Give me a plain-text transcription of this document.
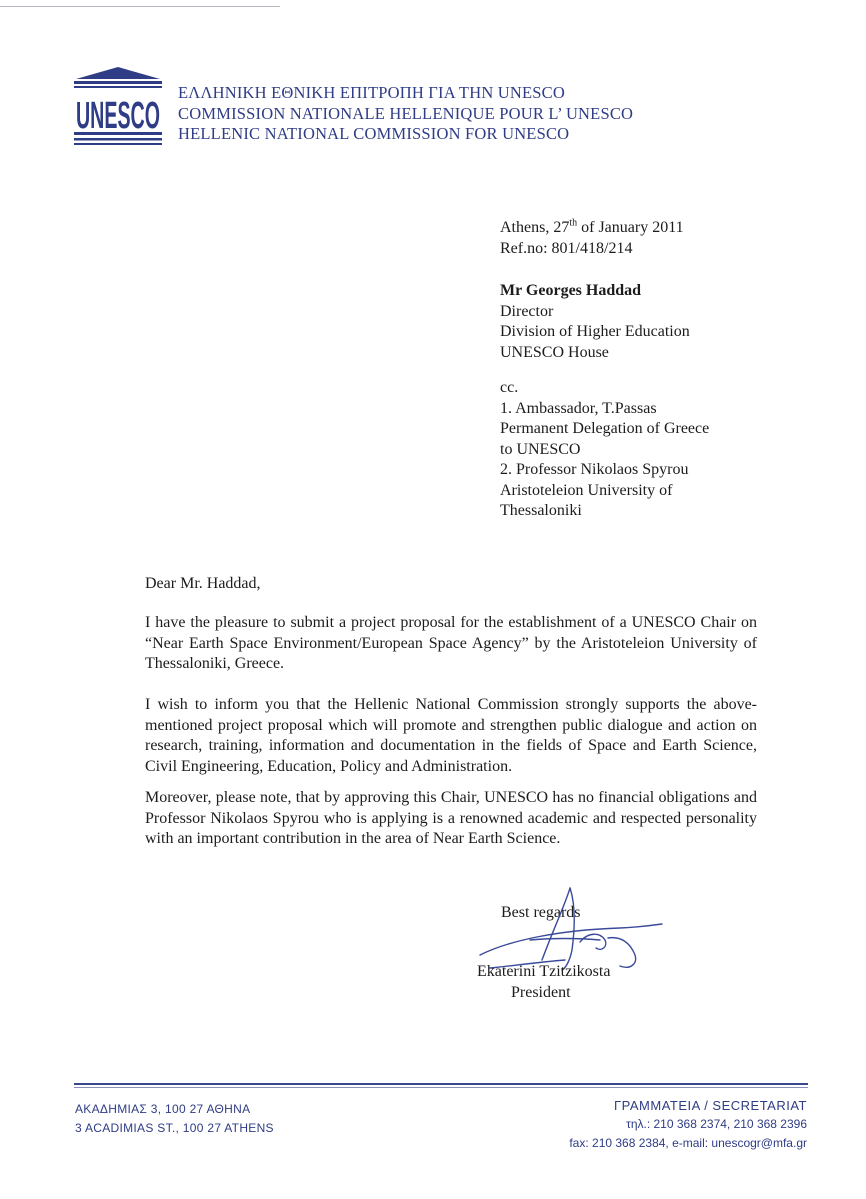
UNESCO
ΕΛΛΗΝΙΚΗ ΕΘΝΙΚΗ ΕΠΙΤΡΟΠΗ ΓΙΑ ΤΗΝ UNESCO
COMMISSION NATIONALE HELLENIQUE POUR L’ UNESCO
HELLENIC NATIONAL COMMISSION FOR UNESCO
Athens, 27th of January 2011
Ref.no: 801/418/214
Mr Georges Haddad
Director
Division of Higher Education
UNESCO House
cc.
1. Ambassador, T.Passas
Permanent Delegation of Greece
to UNESCO
2. Professor Nikolaos Spyrou
Aristoteleion University of
Thessaloniki
Dear Mr. Haddad,

I have the pleasure to submit a project proposal for the establishment of a UNESCO Chair on “Near Earth Space Environment/European Space Agency” by the Aristoteleion University of Thessaloniki, Greece.

I wish to inform you that the Hellenic National Commission strongly supports the above-mentioned project proposal which will promote and strengthen public dialogue and action on research, training, information and documentation in the fields of Space and Earth Science, Civil Engineering, Education, Policy and Administration.

Moreover, please note, that by approving this Chair, UNESCO has no financial obligations and Professor Nikolaos Spyrou who is applying is a renowned academic and respected personality with an important contribution in the area of Near Earth Science.

Best regards
Ekaterini Tzitzikosta
President
ΑΚΑΔΗΜΙΑΣ 3, 100 27 ΑΘΗΝΑ
3 ACADIMIAS ST., 100 27 ATHENS
ΓΡΑΜΜΑΤΕΙΑ / SECRETARIAT
τηλ.: 210 368 2374, 210 368 2396
fax: 210 368 2384, e-mail: unescogr@mfa.gr
